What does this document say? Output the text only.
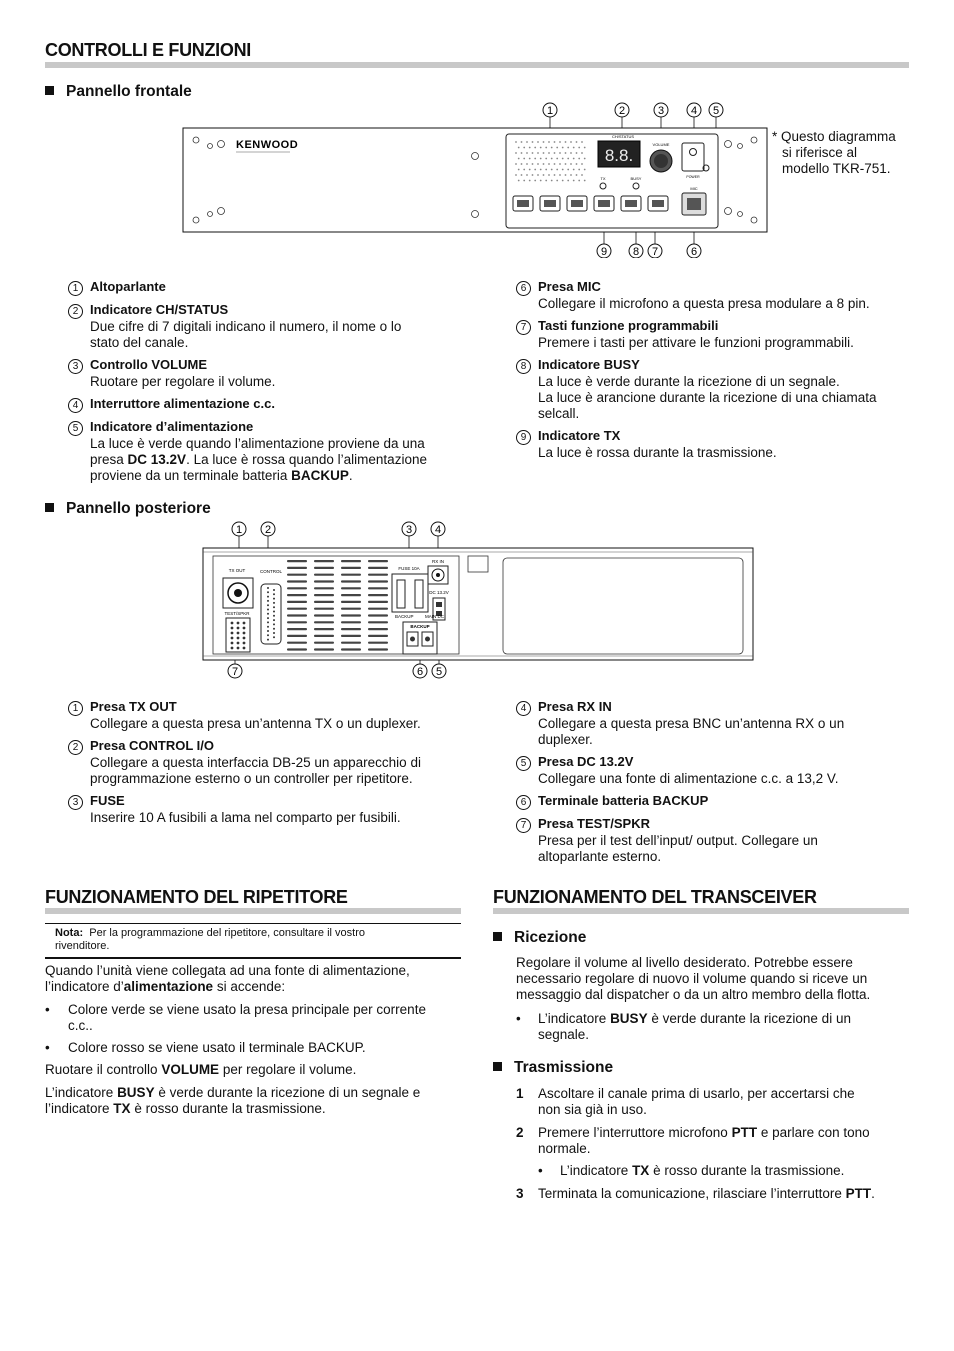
CONTROLLI E FUNZIONI
Pannello frontale
1	2	3 4 5
9 8 7	6
KENWOOD
CH/STATUS
8.8.
VOLUME
POWER
TX	BUSY
MIC
* Questo diagramma
si riferisce al
modello TKR-751.
1 Altoparlante
2 Indicatore CH/STATUS
Due cifre di 7 digitali indicano il numero, il nome o lo
stato del canale.
3 Controllo VOLUME
Ruotare per regolare il volume.
4 Interruttore alimentazione c.c.
5 Indicatore d’alimentazione
La luce è verde quando l’alimentazione proviene da una
presa DC 13.2V. La luce è rossa quando l’alimentazione
proviene da un terminale batteria BACKUP.
6 Presa MIC
Collegare il microfono a questa presa modulare a 8 pin.
7 Tasti funzione programmabili
Premere i tasti per attivare le funzioni programmabili.
8 Indicatore BUSY
La luce è verde durante la ricezione di un segnale.
La luce è arancione durante la ricezione di una chiamata
selcall.
9 Indicatore TX
La luce è rossa durante la trasmissione.
Pannello posteriore
1 2	3 4
7	6 5
TX OUT
TEST/SPKR
CONTROL
FUSE 10A
RX IN
DC 13.2V
BACKUP	MAIN DC
BACKUP
1 Presa TX OUT
Collegare a questa presa un’antenna TX o un duplexer.
2 Presa CONTROL I/O
Collegare a questa interfaccia DB-25 un apparecchio di
programmazione esterno o un controller per ripetitore.
3 FUSE
Inserire 10 A fusibili a lama nel comparto per fusibili.
4 Presa RX IN
Collegare a questa presa BNC un’antenna RX o un
duplexer.
5 Presa DC 13.2V
Collegare una fonte di alimentazione c.c. a 13,2 V.
6 Terminale batteria BACKUP
7 Presa TEST/SPKR
Presa per il test dell’input/ output. Collegare un
altoparlante esterno.
FUNZIONAMENTO DEL RIPETITORE
Nota: Per la programmazione del ripetitore, consultare il vostro
rivenditore.
Quando l’unità viene collegata ad una fonte di alimentazione,
l’indicatore d’alimentazione si accende:
•	Colore verde se viene usato la presa principale per corrente
c.c..
•	Colore rosso se viene usato il terminale BACKUP.
Ruotare il controllo VOLUME per regolare il volume.
L’indicatore BUSY è verde durante la ricezione di un segnale e
l’indicatore TX è rosso durante la trasmissione.
FUNZIONAMENTO DEL TRANSCEIVER
Ricezione
Regolare il volume al livello desiderato. Potrebbe essere
necessario regolare di nuovo il volume quando si riceve un
messaggio dal dispatcher o da un altro membro della flotta.
•	L’indicatore BUSY è verde durante la ricezione di un
segnale.
Trasmissione
1	Ascoltare il canale prima di usarlo, per accertarsi che
non sia già in uso.
2	Premere l’interruttore microfono PTT e parlare con tono
normale.
•	L’indicatore TX è rosso durante la trasmissione.
3	Terminata la comunicazione, rilasciare l’interruttore PTT.
